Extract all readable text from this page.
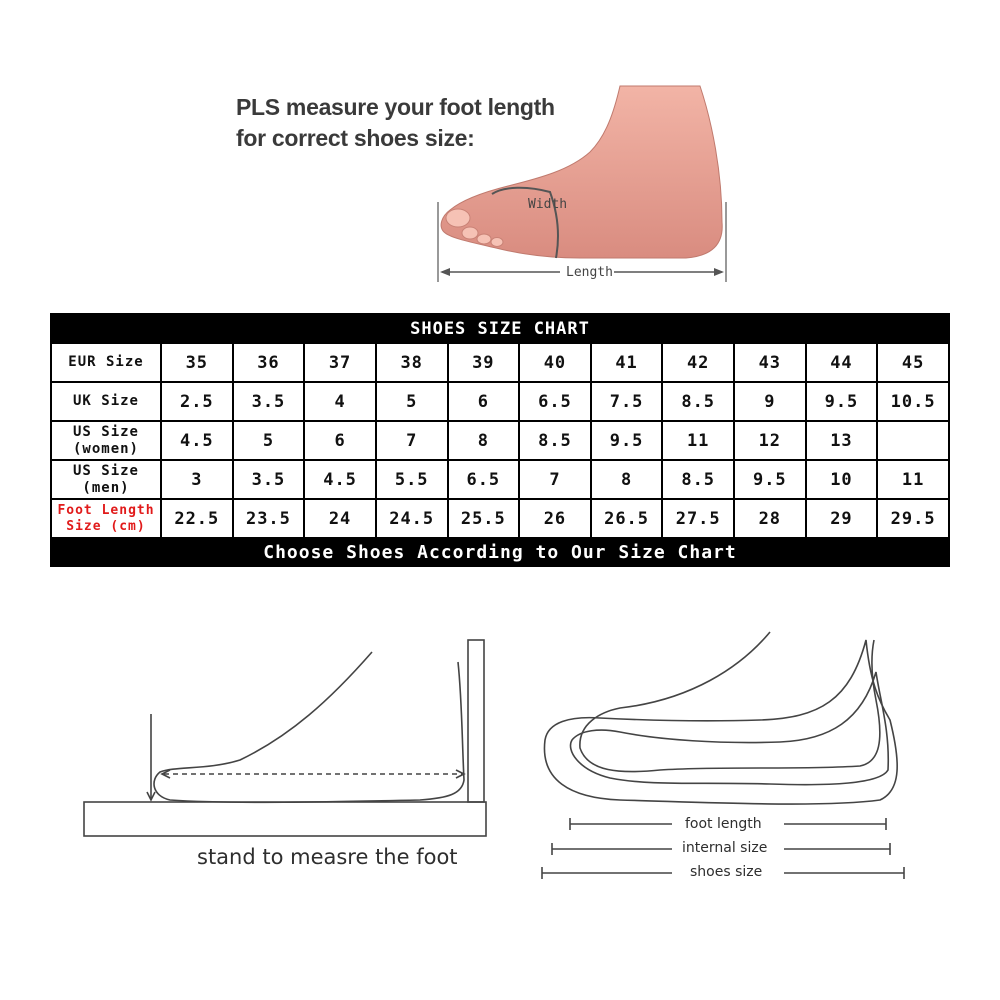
PLS measure your foot length
for correct shoes size:
Width
Length
SHOES SIZE CHART											
EUR Size	35	36	37	38	39	40	41	42	43	44	45
UK Size	2.5	3.5	4	5	6	6.5	7.5	8.5	9	9.5	10.5
US Size
(women)	4.5	5	6	7	8	8.5	9.5	11	12	13	
US Size
(men)	3	3.5	4.5	5.5	6.5	7	8	8.5	9.5	10	11
Foot Length
Size (cm)	22.5	23.5	24	24.5	25.5	26	26.5	27.5	28	29	29.5
Choose Shoes According to Our Size Chart											
stand to measre the foot
foot length
internal size
shoes size
